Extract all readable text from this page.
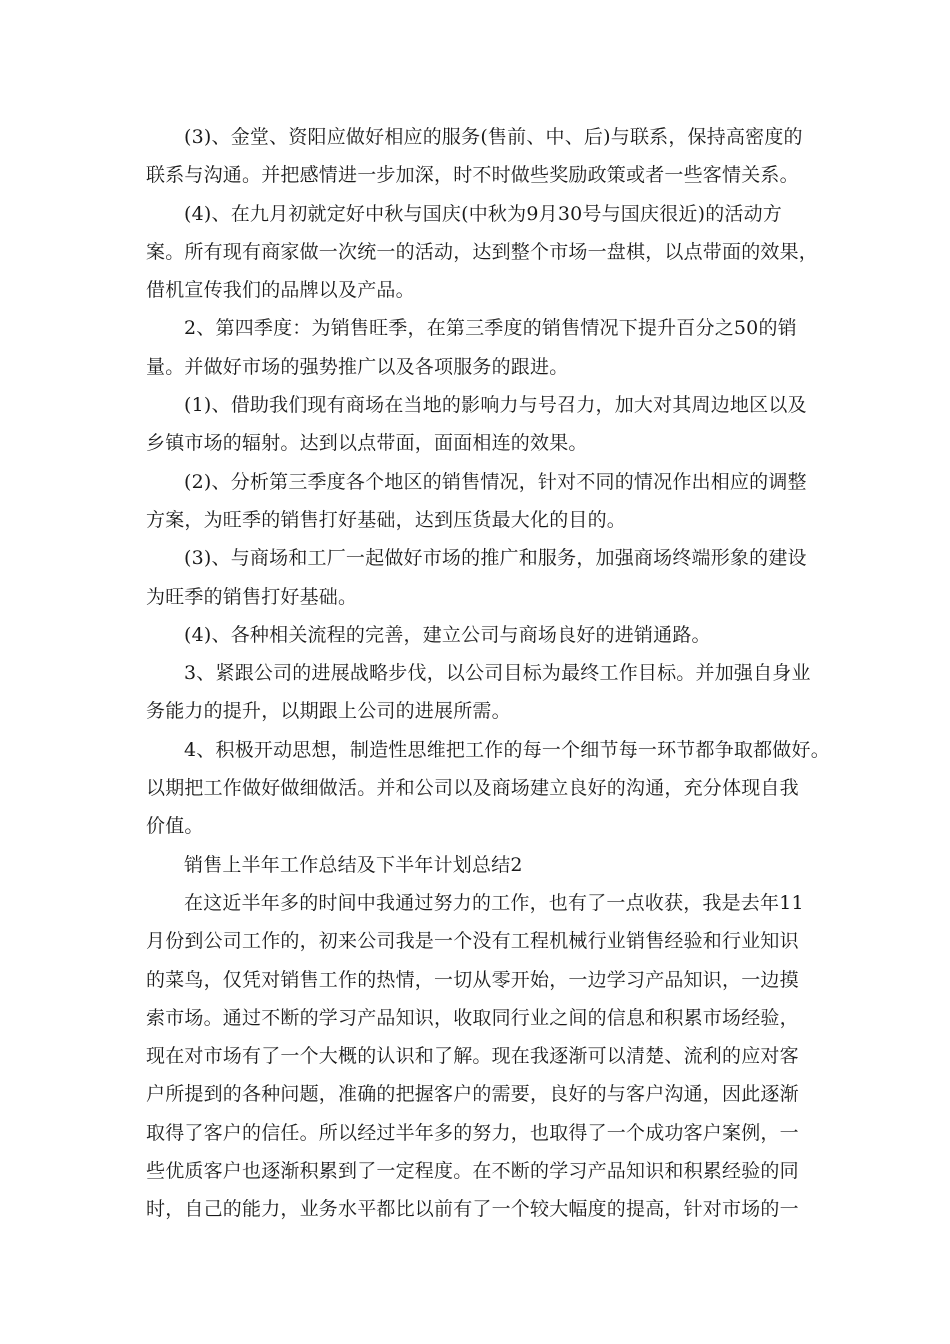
(3)、金堂、资阳应做好相应的服务(售前、中、后)与联系，保持高密度的
联系与沟通。并把感情进一步加深，时不时做些奖励政策或者一些客情关系。
(4)、在九月初就定好中秋与国庆(中秋为9月30号与国庆很近)的活动方
案。所有现有商家做一次统一的活动，达到整个市场一盘棋，以点带面的效果，
借机宣传我们的品牌以及产品。
2、第四季度：为销售旺季，在第三季度的销售情况下提升百分之50的销
量。并做好市场的强势推广以及各项服务的跟进。
(1)、借助我们现有商场在当地的影响力与号召力，加大对其周边地区以及
乡镇市场的辐射。达到以点带面，面面相连的效果。
(2)、分析第三季度各个地区的销售情况，针对不同的情况作出相应的调整
方案，为旺季的销售打好基础，达到压货最大化的目的。
(3)、与商场和工厂一起做好市场的推广和服务，加强商场终端形象的建设
为旺季的销售打好基础。
(4)、各种相关流程的完善，建立公司与商场良好的进销通路。
3、紧跟公司的进展战略步伐，以公司目标为最终工作目标。并加强自身业
务能力的提升，以期跟上公司的进展所需。
4、积极开动思想，制造性思维把工作的每一个细节每一环节都争取都做好。
以期把工作做好做细做活。并和公司以及商场建立良好的沟通，充分体现自我
价值。
销售上半年工作总结及下半年计划总结2
在这近半年多的时间中我通过努力的工作，也有了一点收获，我是去年11
月份到公司工作的，初来公司我是一个没有工程机械行业销售经验和行业知识
的菜鸟，仅凭对销售工作的热情，一切从零开始，一边学习产品知识，一边摸
索市场。通过不断的学习产品知识，收取同行业之间的信息和积累市场经验，
现在对市场有了一个大概的认识和了解。现在我逐渐可以清楚、流利的应对客
户所提到的各种问题，准确的把握客户的需要，良好的与客户沟通，因此逐渐
取得了客户的信任。所以经过半年多的努力，也取得了一个成功客户案例，一
些优质客户也逐渐积累到了一定程度。在不断的学习产品知识和积累经验的同
时，自己的能力，业务水平都比以前有了一个较大幅度的提高，针对市场的一
